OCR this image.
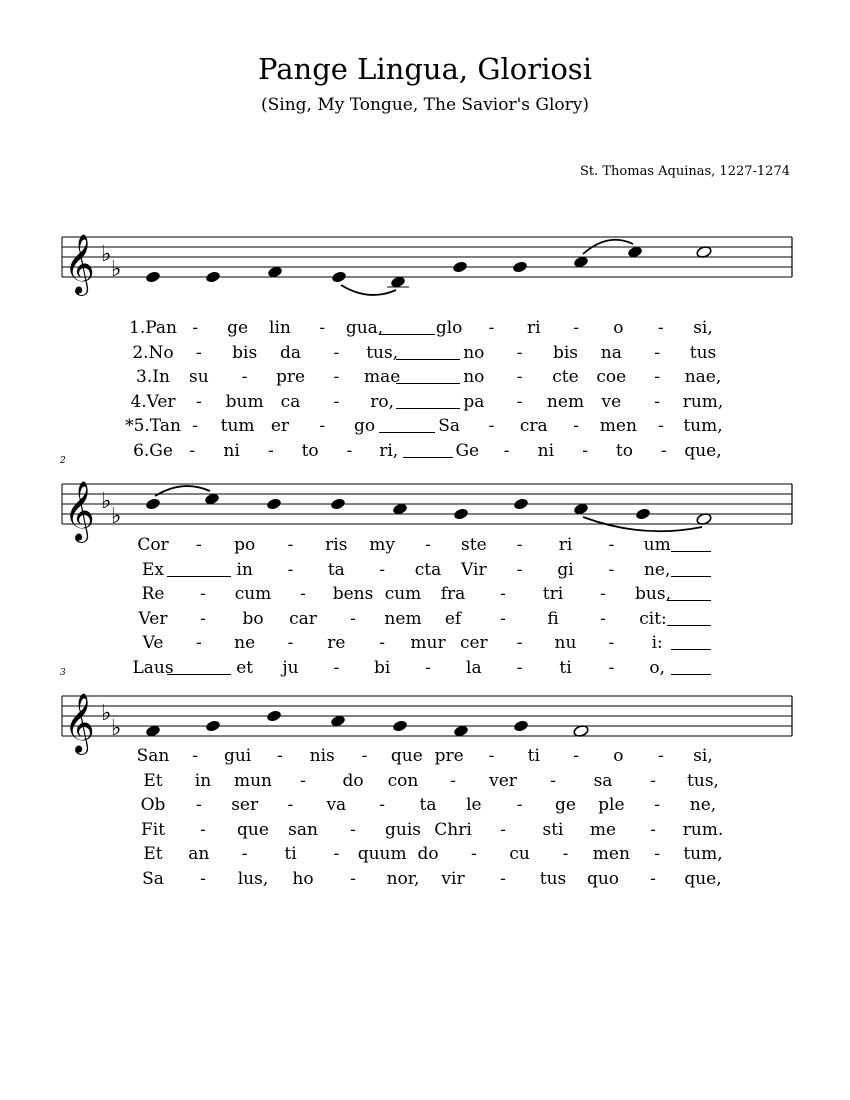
Pange Lingua, Gloriosi
(Sing, My Tongue, The Savior's Glory)
St. Thomas Aquinas, 1227-1274
𝄞 ♭
♭
1.Pan - ge lin - gua,	glo - ri - o - si,
2.No - bis da - tus,	no - bis na - tus
3.In su - pre - mae	no - cte coe - nae,
4.Ver - bum ca - ro,	pa - nem ve - rum,
*5.Tan - tum er - go	Sa - cra - men - tum,
6.Ge - ni - to - ri,	Ge - ni - to - que,
𝄞 ♭
♭
2
Cor - po - ris my - ste - ri - um
Ex	in - ta - cta Vir - gi - ne,
Re - cum - bens cum fra - tri - bus,
Ver - bo car - nem ef - fi - cit:
Ve - ne - re - mur cer - nu - i:
Laus	et ju - bi - la - ti - o,
𝄞 ♭
♭
3
San - gui - nis - que pre - ti - o - si,
Et in mun - do con - ver - sa - tus,
Ob - ser - va - ta le - ge ple - ne,
Fit - que san - guis Chri - sti me - rum.
Et an - ti - quum do - cu - men - tum,
Sa - lus, ho - nor, vir - tus quo - que,
